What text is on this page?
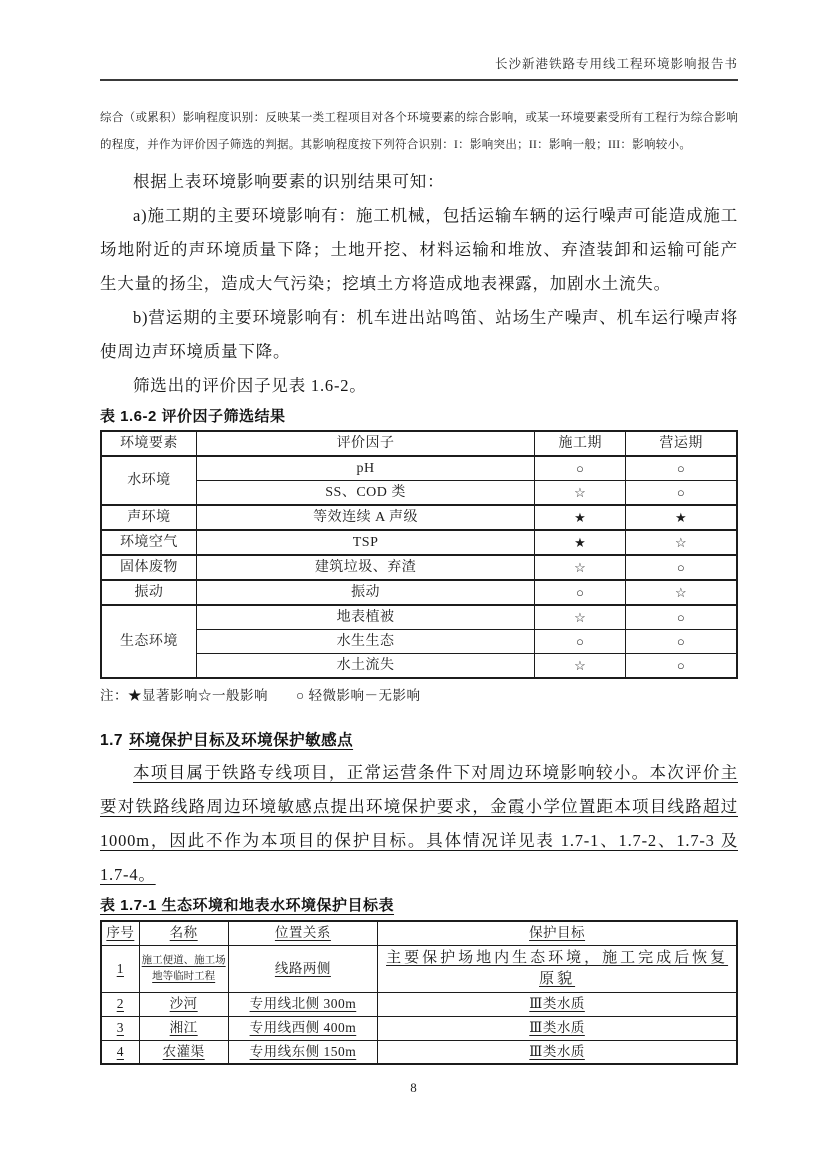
长沙新港铁路专用线工程环境影响报告书

综合（或累积）影响程度识别：反映某一类工程项目对各个环境要素的综合影响，或某一环境要素受所有工程行为综合影响的程度，并作为评价因子筛选的判据。其影响程度按下列符合识别：I：影响突出；II：影响一般；III：影响较小。

根据上表环境影响要素的识别结果可知：

a)施工期的主要环境影响有：施工机械，包括运输车辆的运行噪声可能造成施工场地附近的声环境质量下降；土地开挖、材料运输和堆放、弃渣装卸和运输可能产生大量的扬尘，造成大气污染；挖填土方将造成地表裸露，加剧水土流失。

b)营运期的主要环境影响有：机车进出站鸣笛、站场生产噪声、机车运行噪声将使周边声环境质量下降。

筛选出的评价因子见表 1.6-2。

表 1.6-2 评价因子筛选结果
环境要素	评价因子	施工期	营运期
水环境	pH	○	○
	SS、COD 类	☆	○
声环境	等效连续 A 声级	★	★
环境空气	TSP	★	☆
固体废物	建筑垃圾、弃渣	☆	○
振动	振动	○	☆
生态环境	地表植被	☆	○
	水生生态	○	○
	水土流失	☆	○
注：★显著影响☆一般影响　　○ 轻微影响－无影响
1.7 环境保护目标及环境保护敏感点

本项目属于铁路专线项目，正常运营条件下对周边环境影响较小。本次评价主要对铁路线路周边环境敏感点提出环境保护要求，金霞小学位置距本项目线路超过1000m，因此不作为本项目的保护目标。具体情况详见表 1.7-1、1.7-2、1.7-3 及 1.7-4。

表 1.7-1 生态环境和地表水环境保护目标表
序号	名称	位置关系	保护目标
1	施工便道、施工场地等临时工程	线路两侧	主要保护场地内生态环境，施工完成后恢复原貌
2	沙河	专用线北侧 300m	Ⅲ类水质
3	湘江	专用线西侧 400m	Ⅲ类水质
4	农灌渠	专用线东侧 150m	Ⅲ类水质
8
